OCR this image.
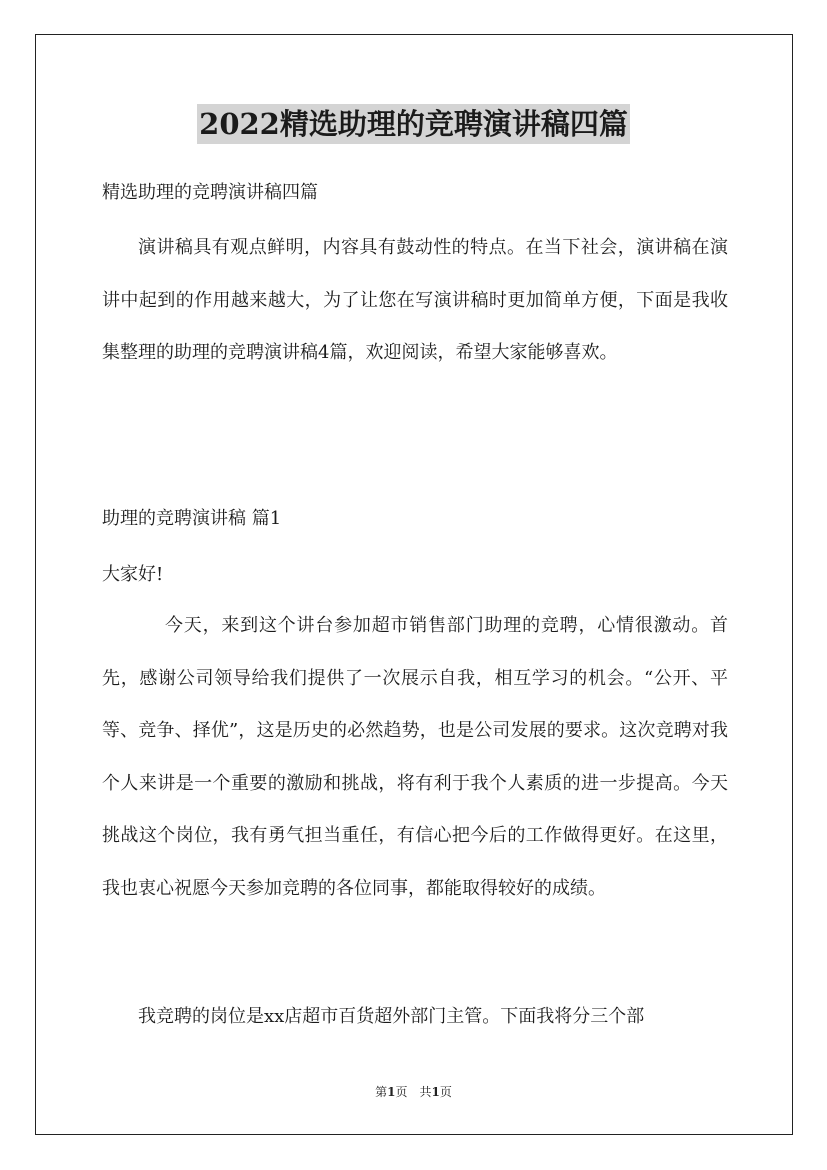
2022精选助理的竞聘演讲稿四篇
精选助理的竞聘演讲稿四篇
演讲稿具有观点鲜明，内容具有鼓动性的特点。在当下社会，演讲稿在演讲中起到的作用越来越大，为了让您在写演讲稿时更加简单方便，下面是我收集整理的助理的竞聘演讲稿4篇，欢迎阅读，希望大家能够喜欢。
助理的竞聘演讲稿 篇1
大家好!
今天，来到这个讲台参加超市销售部门助理的竞聘，心情很激动。首先，感谢公司领导给我们提供了一次展示自我，相互学习的机会。“公开、平等、竞争、择优”，这是历史的必然趋势，也是公司发展的要求。这次竞聘对我个人来讲是一个重要的激励和挑战，将有利于我个人素质的进一步提高。今天挑战这个岗位，我有勇气担当重任，有信心把今后的工作做得更好。在这里，我也衷心祝愿今天参加竞聘的各位同事，都能取得较好的成绩。
我竞聘的岗位是xx店超市百货超外部门主管。下面我将分三个部
第1页　共1页
